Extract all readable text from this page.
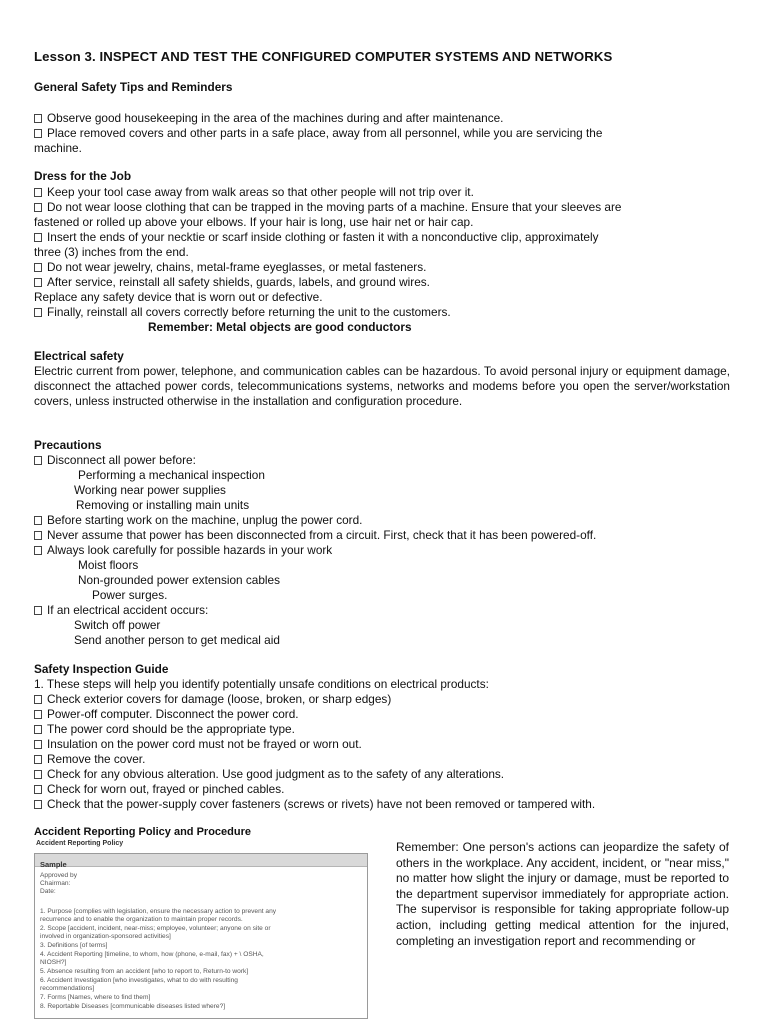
Lesson 3. INSPECT AND TEST THE CONFIGURED COMPUTER SYSTEMS AND NETWORKS
General Safety Tips and Reminders
Observe good housekeeping in the area of the machines during and after maintenance.
Place removed covers and other parts in a safe place, away from all personnel, while you are servicing the
machine.
Dress for the Job
Keep your tool case away from walk areas so that other people will not trip over it.
Do not wear loose clothing that can be trapped in the moving parts of a machine. Ensure that your sleeves are
fastened or rolled up above your elbows. If your hair is long, use hair net or hair cap.
Insert the ends of your necktie or scarf inside clothing or fasten it with a nonconductive clip, approximately
three (3) inches from the end.
Do not wear jewelry, chains, metal-frame eyeglasses, or metal fasteners.
After service, reinstall all safety shields, guards, labels, and ground wires.
Replace any safety device that is worn out or defective.
Finally, reinstall all covers correctly before returning the unit to the customers.
Remember: Metal objects are good conductors
Electrical safety
Electric current from power, telephone, and communication cables can be hazardous. To avoid personal injury or equipment damage, disconnect the attached power cords, telecommunications systems, networks and modems before you open the server/workstation covers, unless instructed otherwise in the installation and configuration procedure.
Precautions
Disconnect all power before:
Performing a mechanical inspection
Working near power supplies
Removing or installing main units
Before starting work on the machine, unplug the power cord.
Never assume that power has been disconnected from a circuit. First, check that it has been powered-off.
Always look carefully for possible hazards in your work
Moist floors
Non-grounded power extension cables
Power surges.
If an electrical accident occurs:
Switch off power
Send another person to get medical aid
Safety Inspection Guide
1. These steps will help you identify potentially unsafe conditions on electrical products:
Check exterior covers for damage (loose, broken, or sharp edges)
Power-off computer. Disconnect the power cord.
The power cord should be the appropriate type.
Insulation on the power cord must not be frayed or worn out.
Remove the cover.
Check for any obvious alteration. Use good judgment as to the safety of any alterations.
Check for worn out, frayed or pinched cables.
Check that the power-supply cover fasteners (screws or rivets) have not been removed or tampered with.
Accident Reporting Policy and Procedure
Accident Reporting Policy
Sample
Approved by
Chairman:
Date:
1. Purpose [complies with legislation, ensure the necessary action to prevent any
recurrence and to enable the organization to maintain proper records.
2. Scope [accident, incident, near-miss; employee, volunteer; anyone on site or
involved in organization-sponsored activities]
3. Definitions [of terms]
4. Accident Reporting [timeline, to whom, how (phone, e-mail, fax) + \ OSHA,
NIOSH?]
5. Absence resulting from an accident [who to report to, Return-to work]
6. Accident Investigation [who investigates, what to do with resulting
recommendations]
7. Forms [Names, where to find them]
8. Reportable Diseases [communicable diseases listed where?]
Remember: One person's actions can jeopardize the safety of others in the workplace. Any accident, incident, or "near miss," no matter how slight the injury or damage, must be reported to the department supervisor immediately for appropriate action. The supervisor is responsible for taking appropriate follow-up action, including getting medical attention for the injured, completing an investigation report and recommending or
